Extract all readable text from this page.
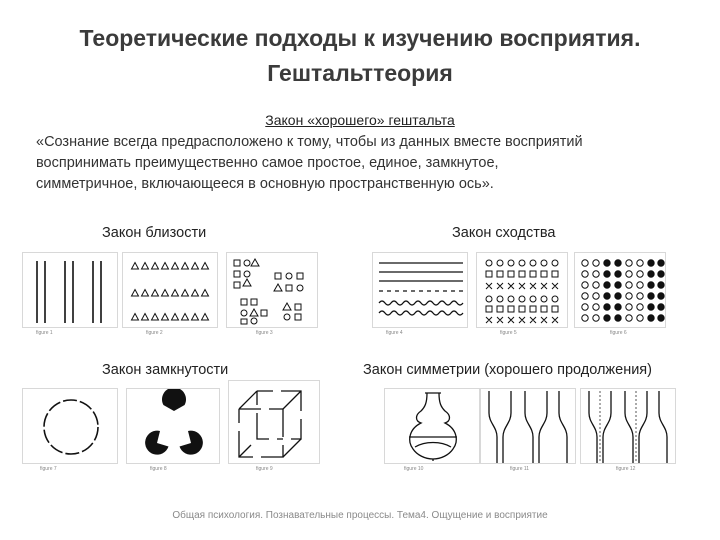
Теоретические подходы к изучению восприятия.
Гештальттеория
Закон «хорошего» гештальта
«Сознание всегда предрасположено к тому, чтобы из данных вместе восприятий
воспринимать преимущественно самое простое, единое, замкнутое,
симметричное, включающееся в основную пространственную ось».
Закон близости	Закон сходства
Закон замкнутости	Закон симметрии (хорошего продолжения)
figure 1	figure 2	figure 3	figure 4	figure 5	figure 6
figure 7	figure 8	figure 9	figure 10	figure 11	figure 12
Общая психология. Познавательные процессы. Тема4. Ощущение и восприятие
